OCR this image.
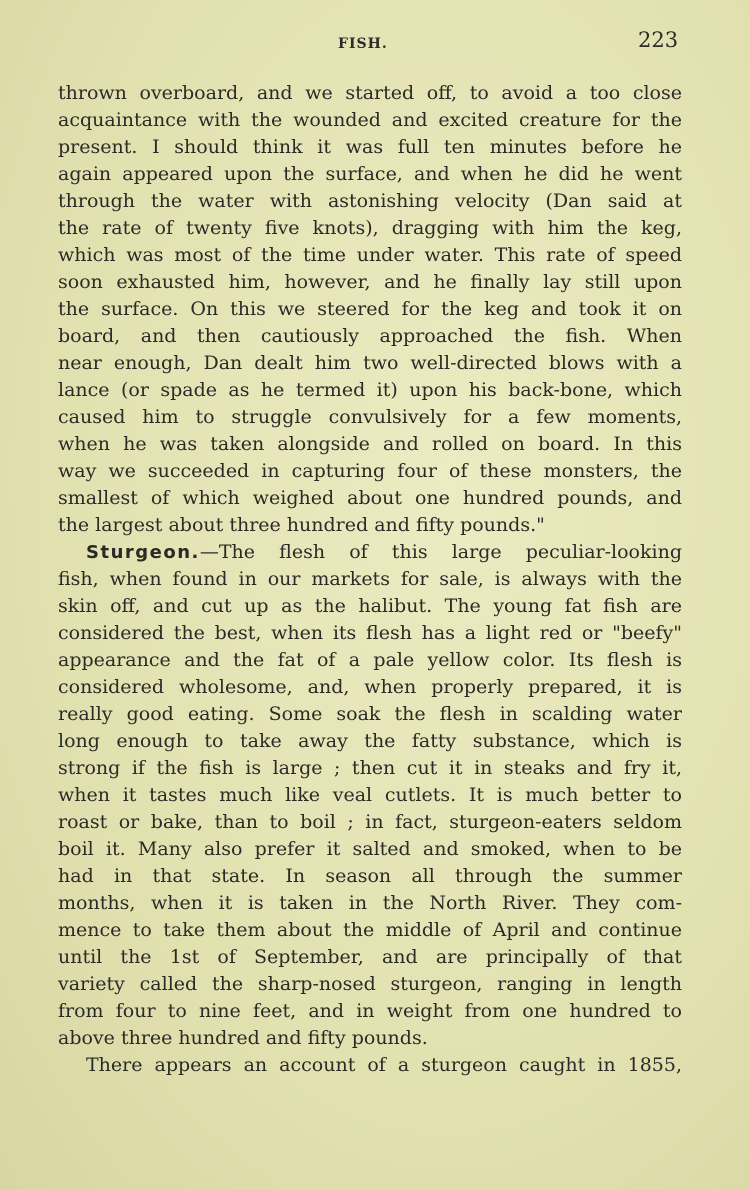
FISH.	223
thrown overboard, and we started off, to avoid a too close
acquaintance with the wounded and excited creature for the
present. I should think it was full ten minutes before he
again appeared upon the surface, and when he did he went
through the water with astonishing velocity (Dan said at
the rate of twenty five knots), dragging with him the keg,
which was most of the time under water. This rate of speed
soon exhausted him, however, and he finally lay still upon
the surface. On this we steered for the keg and took it on
board, and then cautiously approached the fish. When
near enough, Dan dealt him two well-directed blows with a
lance (or spade as he termed it) upon his back-bone, which
caused him to struggle convulsively for a few moments,
when he was taken alongside and rolled on board. In this
way we succeeded in capturing four of these monsters, the
smallest of which weighed about one hundred pounds, and
the largest about three hundred and fifty pounds."
Sturgeon.—The flesh of this large peculiar-looking
fish, when found in our markets for sale, is always with the
skin off, and cut up as the halibut. The young fat fish are
considered the best, when its flesh has a light red or "beefy"
appearance and the fat of a pale yellow color. Its flesh is
considered wholesome, and, when properly prepared, it is
really good eating. Some soak the flesh in scalding water
long enough to take away the fatty substance, which is
strong if the fish is large ; then cut it in steaks and fry it,
when it tastes much like veal cutlets. It is much better to
roast or bake, than to boil ; in fact, sturgeon-eaters seldom
boil it. Many also prefer it salted and smoked, when to be
had in that state. In season all through the summer
months, when it is taken in the North River. They com-
mence to take them about the middle of April and continue
until the 1st of September, and are principally of that
variety called the sharp-nosed sturgeon, ranging in length
from four to nine feet, and in weight from one hundred to
above three hundred and fifty pounds.
There appears an account of a sturgeon caught in 1855,
